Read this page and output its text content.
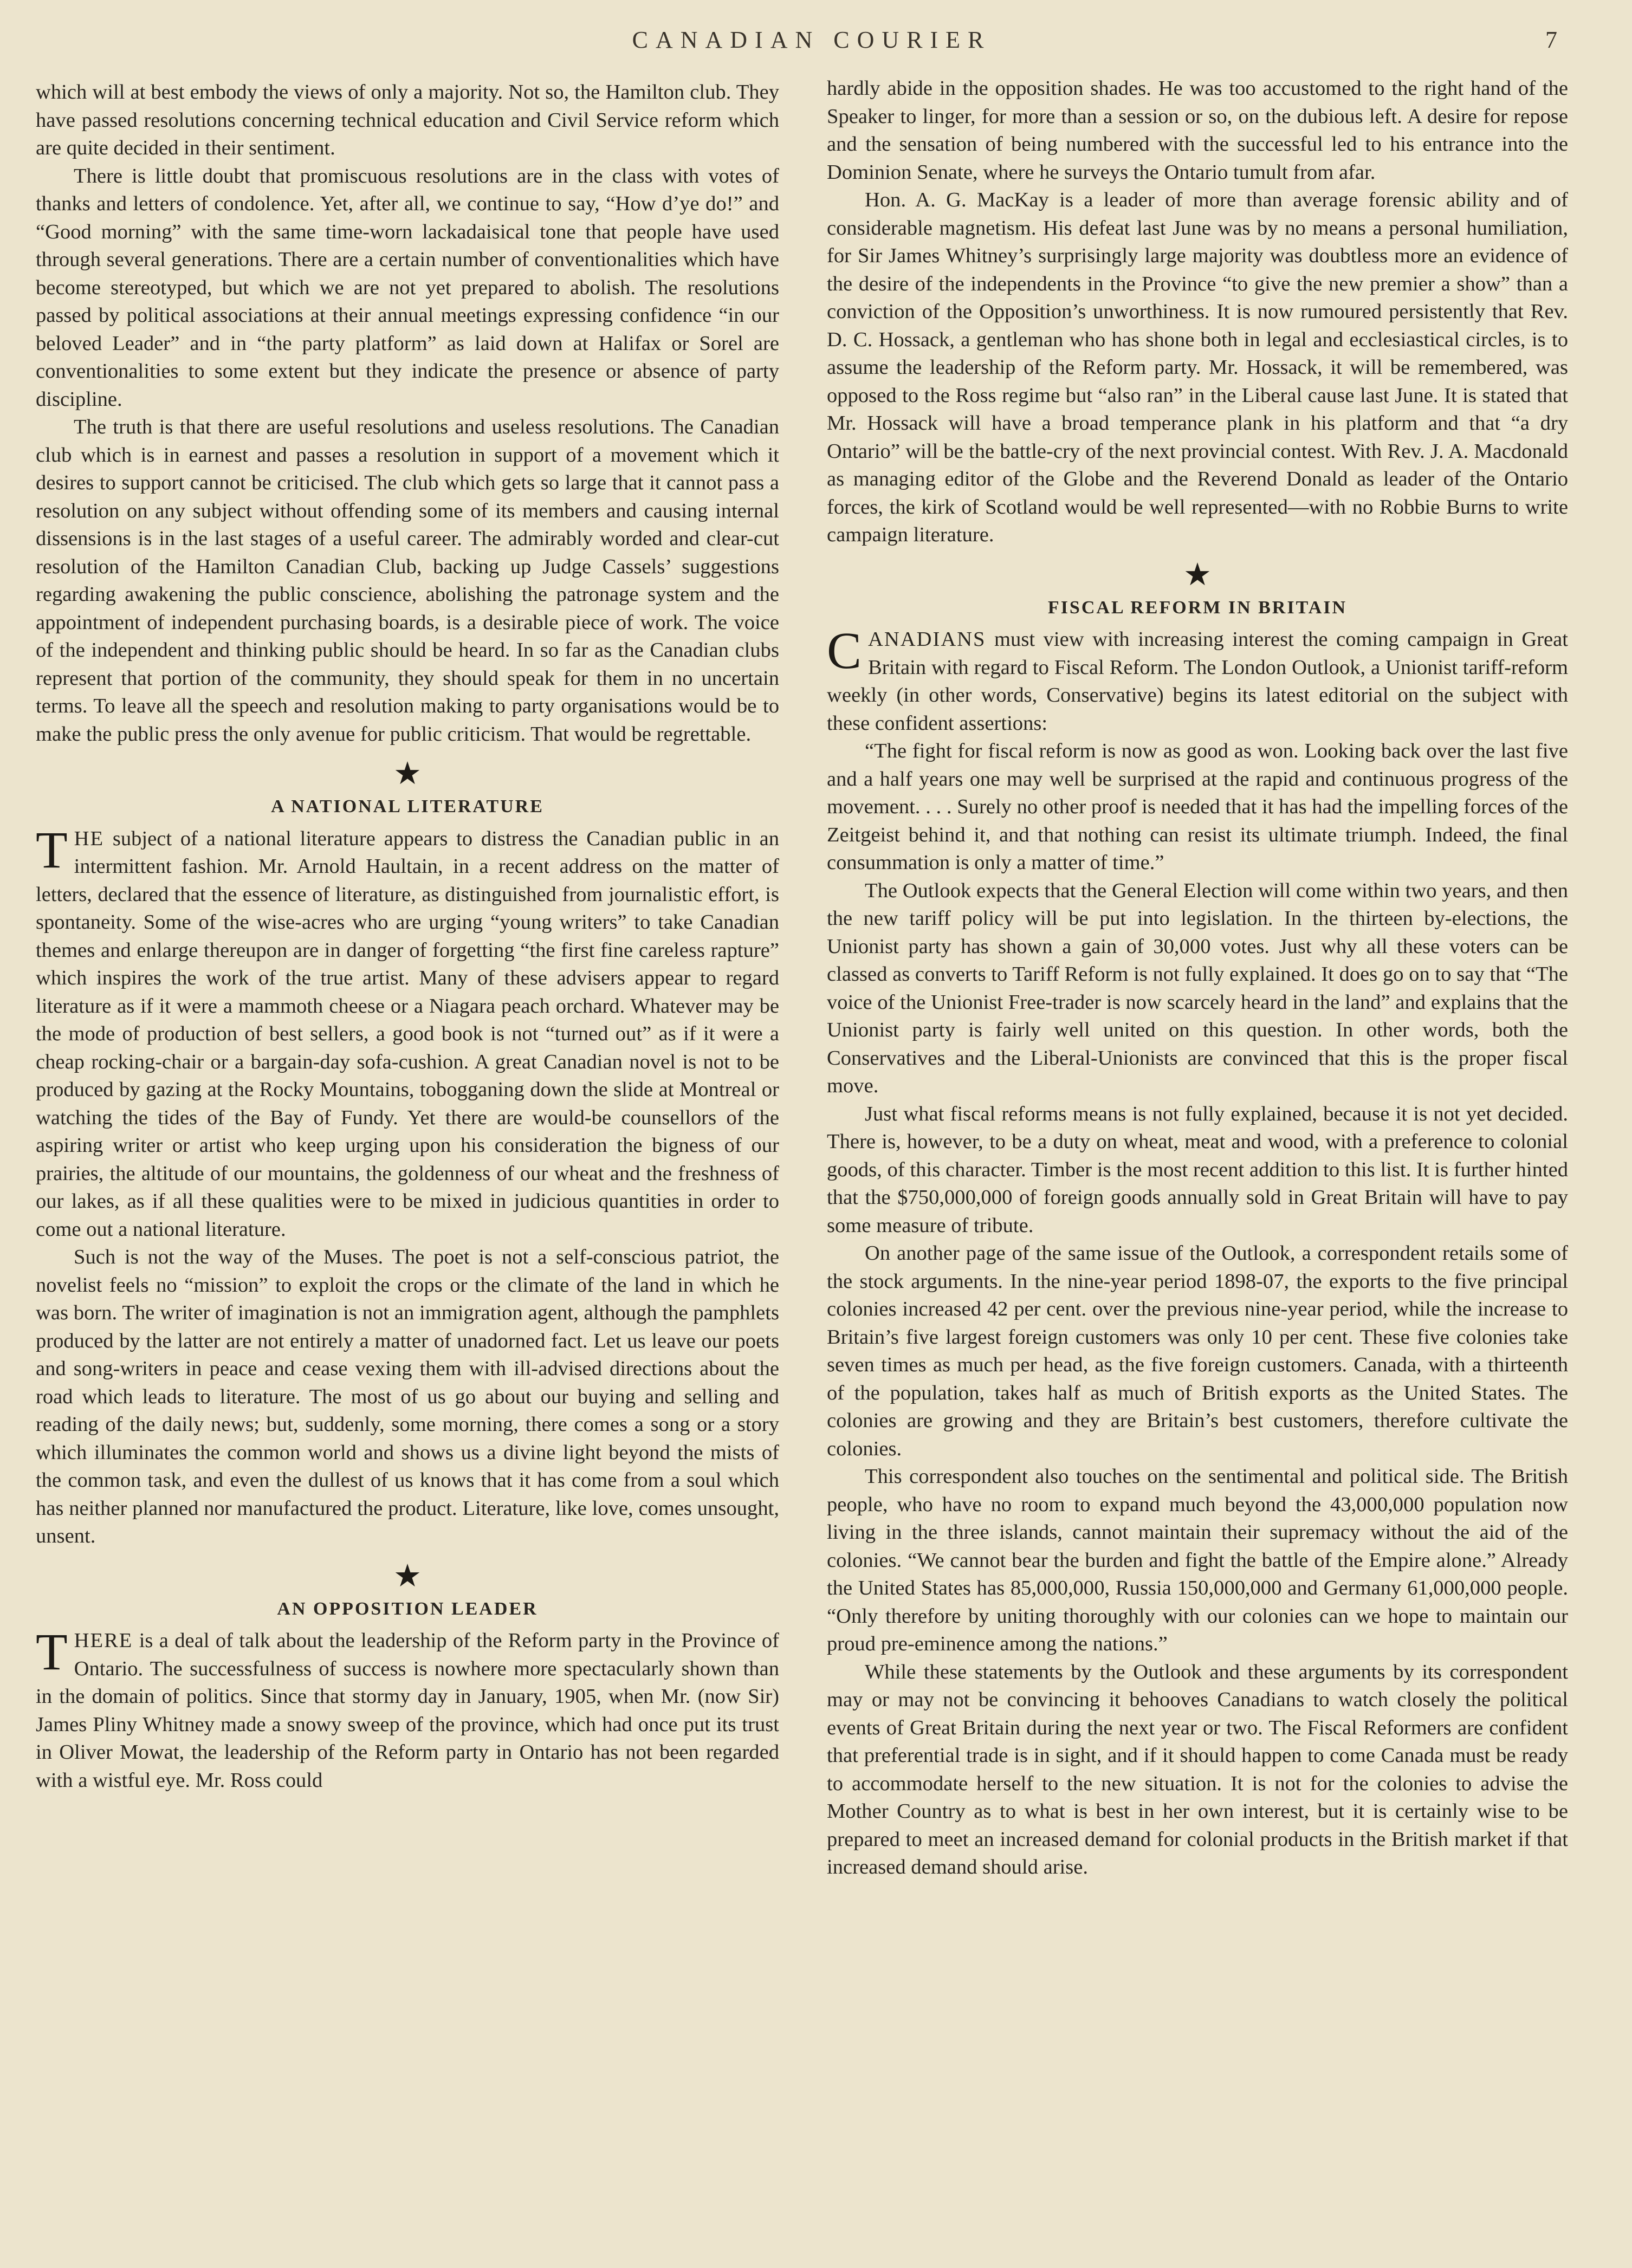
CANADIAN COURIER	7

which will at best embody the views of only a majority. Not so, the Hamilton club. They have passed resolutions concerning technical education and Civil Service reform which are quite decided in their sentiment.

There is little doubt that promiscuous resolutions are in the class with votes of thanks and letters of condolence. Yet, after all, we continue to say, “How d’ye do!” and “Good morning” with the same time-worn lackadaisical tone that people have used through several generations. There are a certain number of conventionalities which have become stereotyped, but which we are not yet prepared to abolish. The resolutions passed by political associations at their annual meetings expressing confidence “in our beloved Leader” and in “the party platform” as laid down at Halifax or Sorel are conventionalities to some extent but they indicate the presence or absence of party discipline.

The truth is that there are useful resolutions and useless resolutions. The Canadian club which is in earnest and passes a resolution in support of a movement which it desires to support cannot be criticised. The club which gets so large that it cannot pass a resolution on any subject without offending some of its members and causing internal dissensions is in the last stages of a useful career. The admirably worded and clear-cut resolution of the Hamilton Canadian Club, backing up Judge Cassels’ suggestions regarding awakening the public conscience, abolishing the patronage system and the appointment of independent purchasing boards, is a desirable piece of work. The voice of the independent and thinking public should be heard. In so far as the Canadian clubs represent that portion of the community, they should speak for them in no uncertain terms. To leave all the speech and resolution making to party organisations would be to make the public press the only avenue for public criticism. That would be regrettable.

★
A NATIONAL LITERATURE

THE subject of a national literature appears to distress the Canadian public in an intermittent fashion. Mr. Arnold Haultain, in a recent address on the matter of letters, declared that the essence of literature, as distinguished from journalistic effort, is spontaneity. Some of the wise-acres who are urging “young writers” to take Canadian themes and enlarge thereupon are in danger of forgetting “the first fine careless rapture” which inspires the work of the true artist. Many of these advisers appear to regard literature as if it were a mammoth cheese or a Niagara peach orchard. Whatever may be the mode of production of best sellers, a good book is not “turned out” as if it were a cheap rocking-chair or a bargain-day sofa-cushion. A great Canadian novel is not to be produced by gazing at the Rocky Mountains, tobogganing down the slide at Montreal or watching the tides of the Bay of Fundy. Yet there are would-be counsellors of the aspiring writer or artist who keep urging upon his consideration the bigness of our prairies, the altitude of our mountains, the goldenness of our wheat and the freshness of our lakes, as if all these qualities were to be mixed in judicious quantities in order to come out a national literature.

Such is not the way of the Muses. The poet is not a self-conscious patriot, the novelist feels no “mission” to exploit the crops or the climate of the land in which he was born. The writer of imagination is not an immigration agent, although the pamphlets produced by the latter are not entirely a matter of unadorned fact. Let us leave our poets and song-writers in peace and cease vexing them with ill-advised directions about the road which leads to literature. The most of us go about our buying and selling and reading of the daily news; but, suddenly, some morning, there comes a song or a story which illuminates the common world and shows us a divine light beyond the mists of the common task, and even the dullest of us knows that it has come from a soul which has neither planned nor manufactured the product. Literature, like love, comes unsought, unsent.

★
AN OPPOSITION LEADER

THERE is a deal of talk about the leadership of the Reform party in the Province of Ontario. The successfulness of success is nowhere more spectacularly shown than in the domain of politics. Since that stormy day in January, 1905, when Mr. (now Sir) James Pliny Whitney made a snowy sweep of the province, which had once put its trust in Oliver Mowat, the leadership of the Reform party in Ontario has not been regarded with a wistful eye. Mr. Ross could

hardly abide in the opposition shades. He was too accustomed to the right hand of the Speaker to linger, for more than a session or so, on the dubious left. A desire for repose and the sensation of being numbered with the successful led to his entrance into the Dominion Senate, where he surveys the Ontario tumult from afar.

Hon. A. G. MacKay is a leader of more than average forensic ability and of considerable magnetism. His defeat last June was by no means a personal humiliation, for Sir James Whitney’s surprisingly large majority was doubtless more an evidence of the desire of the independents in the Province “to give the new premier a show” than a conviction of the Opposition’s unworthiness. It is now rumoured persistently that Rev. D. C. Hossack, a gentleman who has shone both in legal and ecclesiastical circles, is to assume the leadership of the Reform party. Mr. Hossack, it will be remembered, was opposed to the Ross regime but “also ran” in the Liberal cause last June. It is stated that Mr. Hossack will have a broad temperance plank in his platform and that “a dry Ontario” will be the battle-cry of the next provincial contest. With Rev. J. A. Macdonald as managing editor of the Globe and the Reverend Donald as leader of the Ontario forces, the kirk of Scotland would be well represented—with no Robbie Burns to write campaign literature.

★
FISCAL REFORM IN BRITAIN

CANADIANS must view with increasing interest the coming campaign in Great Britain with regard to Fiscal Reform. The London Outlook, a Unionist tariff-reform weekly (in other words, Conservative) begins its latest editorial on the subject with these confident assertions:

“The fight for fiscal reform is now as good as won. Looking back over the last five and a half years one may well be surprised at the rapid and continuous progress of the movement. . . . Surely no other proof is needed that it has had the impelling forces of the Zeitgeist behind it, and that nothing can resist its ultimate triumph. Indeed, the final consummation is only a matter of time.”

The Outlook expects that the General Election will come within two years, and then the new tariff policy will be put into legislation. In the thirteen by-elections, the Unionist party has shown a gain of 30,000 votes. Just why all these voters can be classed as converts to Tariff Reform is not fully explained. It does go on to say that “The voice of the Unionist Free-trader is now scarcely heard in the land” and explains that the Unionist party is fairly well united on this question. In other words, both the Conservatives and the Liberal-Unionists are convinced that this is the proper fiscal move.

Just what fiscal reforms means is not fully explained, because it is not yet decided. There is, however, to be a duty on wheat, meat and wood, with a preference to colonial goods, of this character. Timber is the most recent addition to this list. It is further hinted that the $750,000,000 of foreign goods annually sold in Great Britain will have to pay some measure of tribute.

On another page of the same issue of the Outlook, a correspondent retails some of the stock arguments. In the nine-year period 1898-07, the exports to the five principal colonies increased 42 per cent. over the previous nine-year period, while the increase to Britain’s five largest foreign customers was only 10 per cent. These five colonies take seven times as much per head, as the five foreign customers. Canada, with a thirteenth of the population, takes half as much of British exports as the United States. The colonies are growing and they are Britain’s best customers, therefore cultivate the colonies.

This correspondent also touches on the sentimental and political side. The British people, who have no room to expand much beyond the 43,000,000 population now living in the three islands, cannot maintain their supremacy without the aid of the colonies. “We cannot bear the burden and fight the battle of the Empire alone.” Already the United States has 85,000,000, Russia 150,000,000 and Germany 61,000,000 people. “Only therefore by uniting thoroughly with our colonies can we hope to maintain our proud pre-eminence among the nations.”

While these statements by the Outlook and these arguments by its correspondent may or may not be convincing it behooves Canadians to watch closely the political events of Great Britain during the next year or two. The Fiscal Reformers are confident that preferential trade is in sight, and if it should happen to come Canada must be ready to accommodate herself to the new situation. It is not for the colonies to advise the Mother Country as to what is best in her own interest, but it is certainly wise to be prepared to meet an increased demand for colonial products in the British market if that increased demand should arise.
